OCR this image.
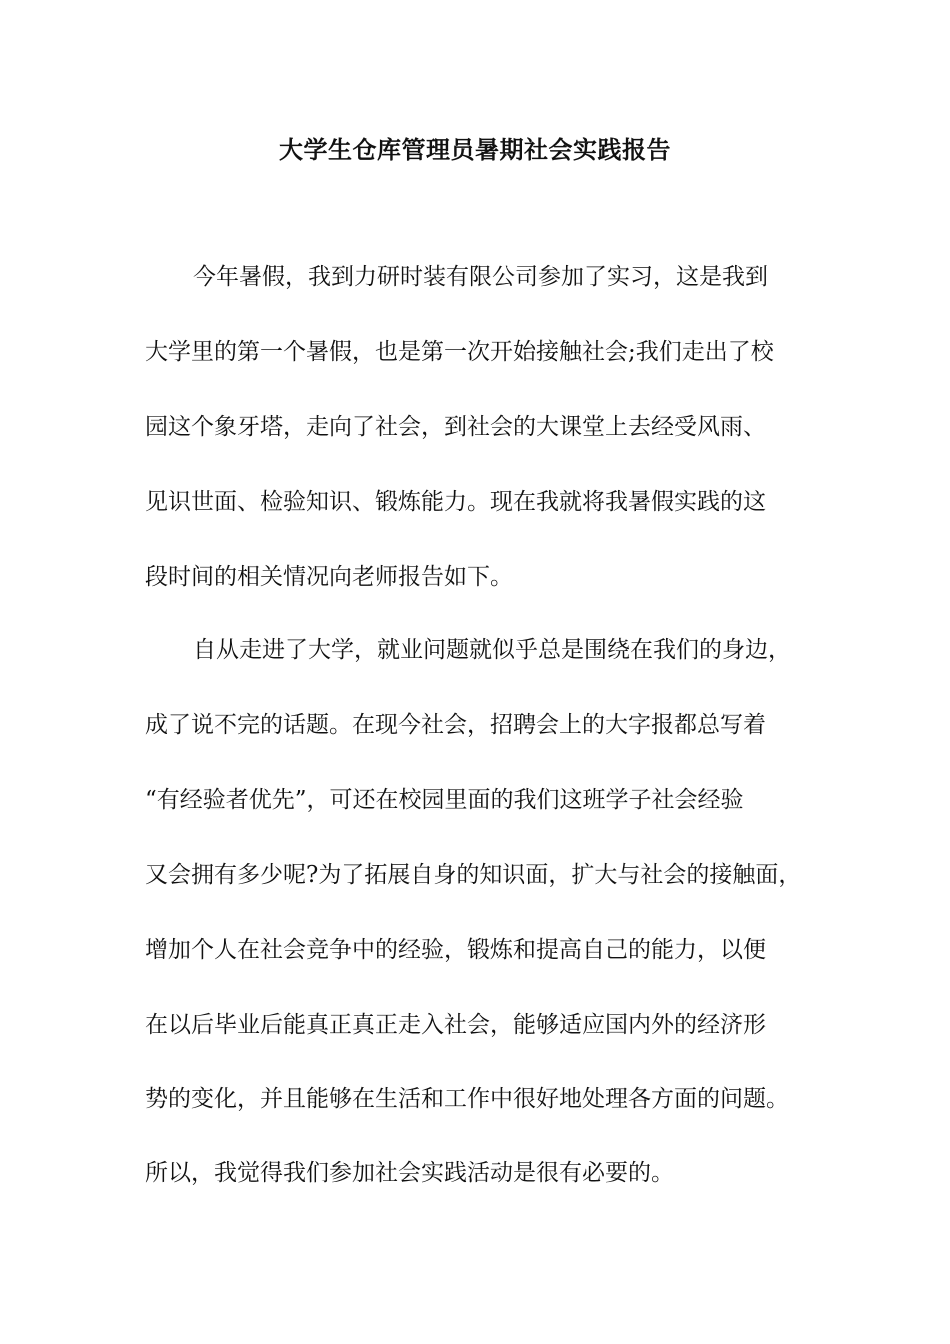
大学生仓库管理员暑期社会实践报告
今年暑假，我到力研时装有限公司参加了实习，这是我到
大学里的第一个暑假，也是第一次开始接触社会;我们走出了校
园这个象牙塔，走向了社会，到社会的大课堂上去经受风雨、
见识世面、检验知识、锻炼能力。现在我就将我暑假实践的这
段时间的相关情况向老师报告如下。
自从走进了大学，就业问题就似乎总是围绕在我们的身边，
成了说不完的话题。在现今社会，招聘会上的大字报都总写着
“有经验者优先”，可还在校园里面的我们这班学子社会经验
又会拥有多少呢?为了拓展自身的知识面，扩大与社会的接触面，
增加个人在社会竞争中的经验，锻炼和提高自己的能力，以便
在以后毕业后能真正真正走入社会，能够适应国内外的经济形
势的变化，并且能够在生活和工作中很好地处理各方面的问题。
所以，我觉得我们参加社会实践活动是很有必要的。
